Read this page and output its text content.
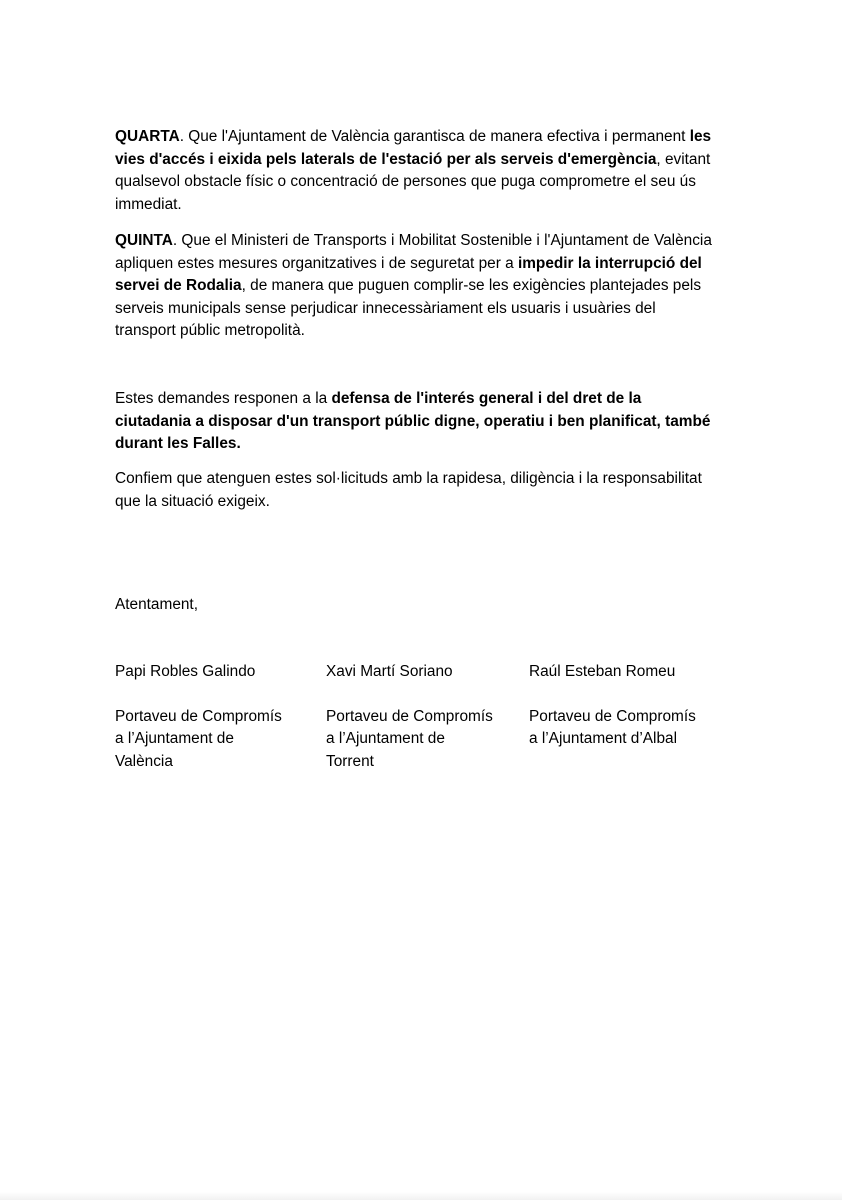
QUARTA. Que l'Ajuntament de València garantisca de manera efectiva i permanent les vies d'accés i eixida pels laterals de l'estació per als serveis d'emergència, evitant qualsevol obstacle físic o concentració de persones que puga comprometre el seu ús immediat.

QUINTA. Que el Ministeri de Transports i Mobilitat Sostenible i l'Ajuntament de València apliquen estes mesures organitzatives i de seguretat per a impedir la interrupció del servei de Rodalia, de manera que puguen complir-se les exigències plantejades pels serveis municipals sense perjudicar innecessàriament els usuaris i usuàries del transport públic metropolità.

Estes demandes responen a la defensa de l'interés general i del dret de la ciutadania a disposar d'un transport públic digne, operatiu i ben planificat, també durant les Falles.

Confiem que atenguen estes sol·licituds amb la rapidesa, diligència i la responsabilitat que la situació exigeix.

Atentament,

Papi Robles Galindo
Portaveu de Compromís
a l’Ajuntament de
València
Xavi Martí Soriano
Portaveu de Compromís
a l’Ajuntament de
Torrent
Raúl Esteban Romeu
Portaveu de Compromís
a l’Ajuntament d’Albal
